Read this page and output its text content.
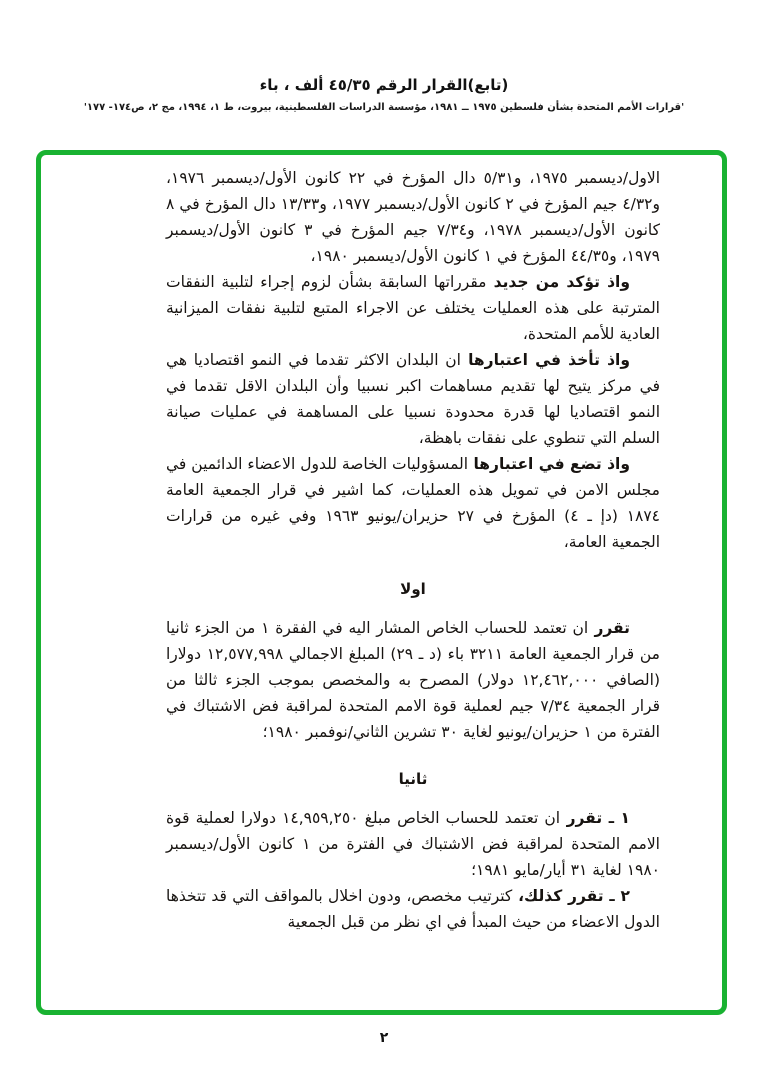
(تابع)القرار الرقم ٤٥/٣٥ ألف ، باء
'قرارات الأمم المتحدة بشأن فلسطين ١٩٧٥ ــ ١٩٨١، مؤسسة الدراسات الفلسطينية، بيروت، ط ١، ١٩٩٤، مج ٢، ص١٧٤- ١٧٧'

الاول/ديسمبر ١٩٧٥، و٥/٣١ دال المؤرخ في ٢٢ كانون الأول/ديسمبر ١٩٧٦، و٤/٣٢ جيم المؤرخ في ٢ كانون الأول/ديسمبر ١٩٧٧، و١٣/٣٣ دال المؤرخ في ٨ كانون الأول/ديسمبر ١٩٧٨، و٧/٣٤ جيم المؤرخ في ٣ كانون الأول/ديسمبر ١٩٧٩، و٤٤/٣٥ المؤرخ في ١ كانون الأول/ديسمبر ١٩٨٠،

واذ تؤكد من جديد مقرراتها السابقة بشأن لزوم إجراء لتلبية النفقات المترتبة على هذه العمليات يختلف عن الاجراء المتبع لتلبية نفقات الميزانية العادية للأمم المتحدة،

واذ تأخذ في اعتبارها ان البلدان الاكثر تقدما في النمو اقتصاديا هي في مركز يتيح لها تقديم مساهمات اكبر نسبيا وأن البلدان الاقل تقدما في النمو اقتصاديا لها قدرة محدودة نسبيا على المساهمة في عمليات صيانة السلم التي تنطوي على نفقات باهظة،

واذ تضع في اعتبارها المسؤوليات الخاصة للدول الاعضاء الدائمين في مجلس الامن في تمويل هذه العمليات، كما اشير في قرار الجمعية العامة ١٨٧٤ (دإ ـ ٤) المؤرخ في ٢٧ حزيران/يونيو ١٩٦٣ وفي غيره من قرارات الجمعية العامة،

اولا

تقرر ان تعتمد للحساب الخاص المشار اليه في الفقرة ١ من الجزء ثانيا من قرار الجمعية العامة ٣٢١١ باء (د ـ ٢٩) المبلغ الاجمالي ١٢,٥٧٧,٩٩٨ دولارا (الصافي ١٢,٤٦٢,٠٠٠ دولار) المصرح به والمخصص بموجب الجزء ثالثا من قرار الجمعية ٧/٣٤ جيم لعملية قوة الامم المتحدة لمراقبة فض الاشتباك في الفترة من ١ حزيران/يونيو لغاية ٣٠ تشرين الثاني/نوفمبر ١٩٨٠؛

ثانيا

١ ـ تقرر ان تعتمد للحساب الخاص مبلغ ١٤,٩٥٩,٢٥٠ دولارا لعملية قوة الامم المتحدة لمراقبة فض الاشتباك في الفترة من ١ كانون الأول/ديسمبر ١٩٨٠ لغاية ٣١ أيار/مايو ١٩٨١؛

٢ ـ تقرر كذلك، كترتيب مخصص، ودون اخلال بالمواقف التي قد تتخذها الدول الاعضاء من حيث المبدأ في اي نظر من قبل الجمعية

٢
